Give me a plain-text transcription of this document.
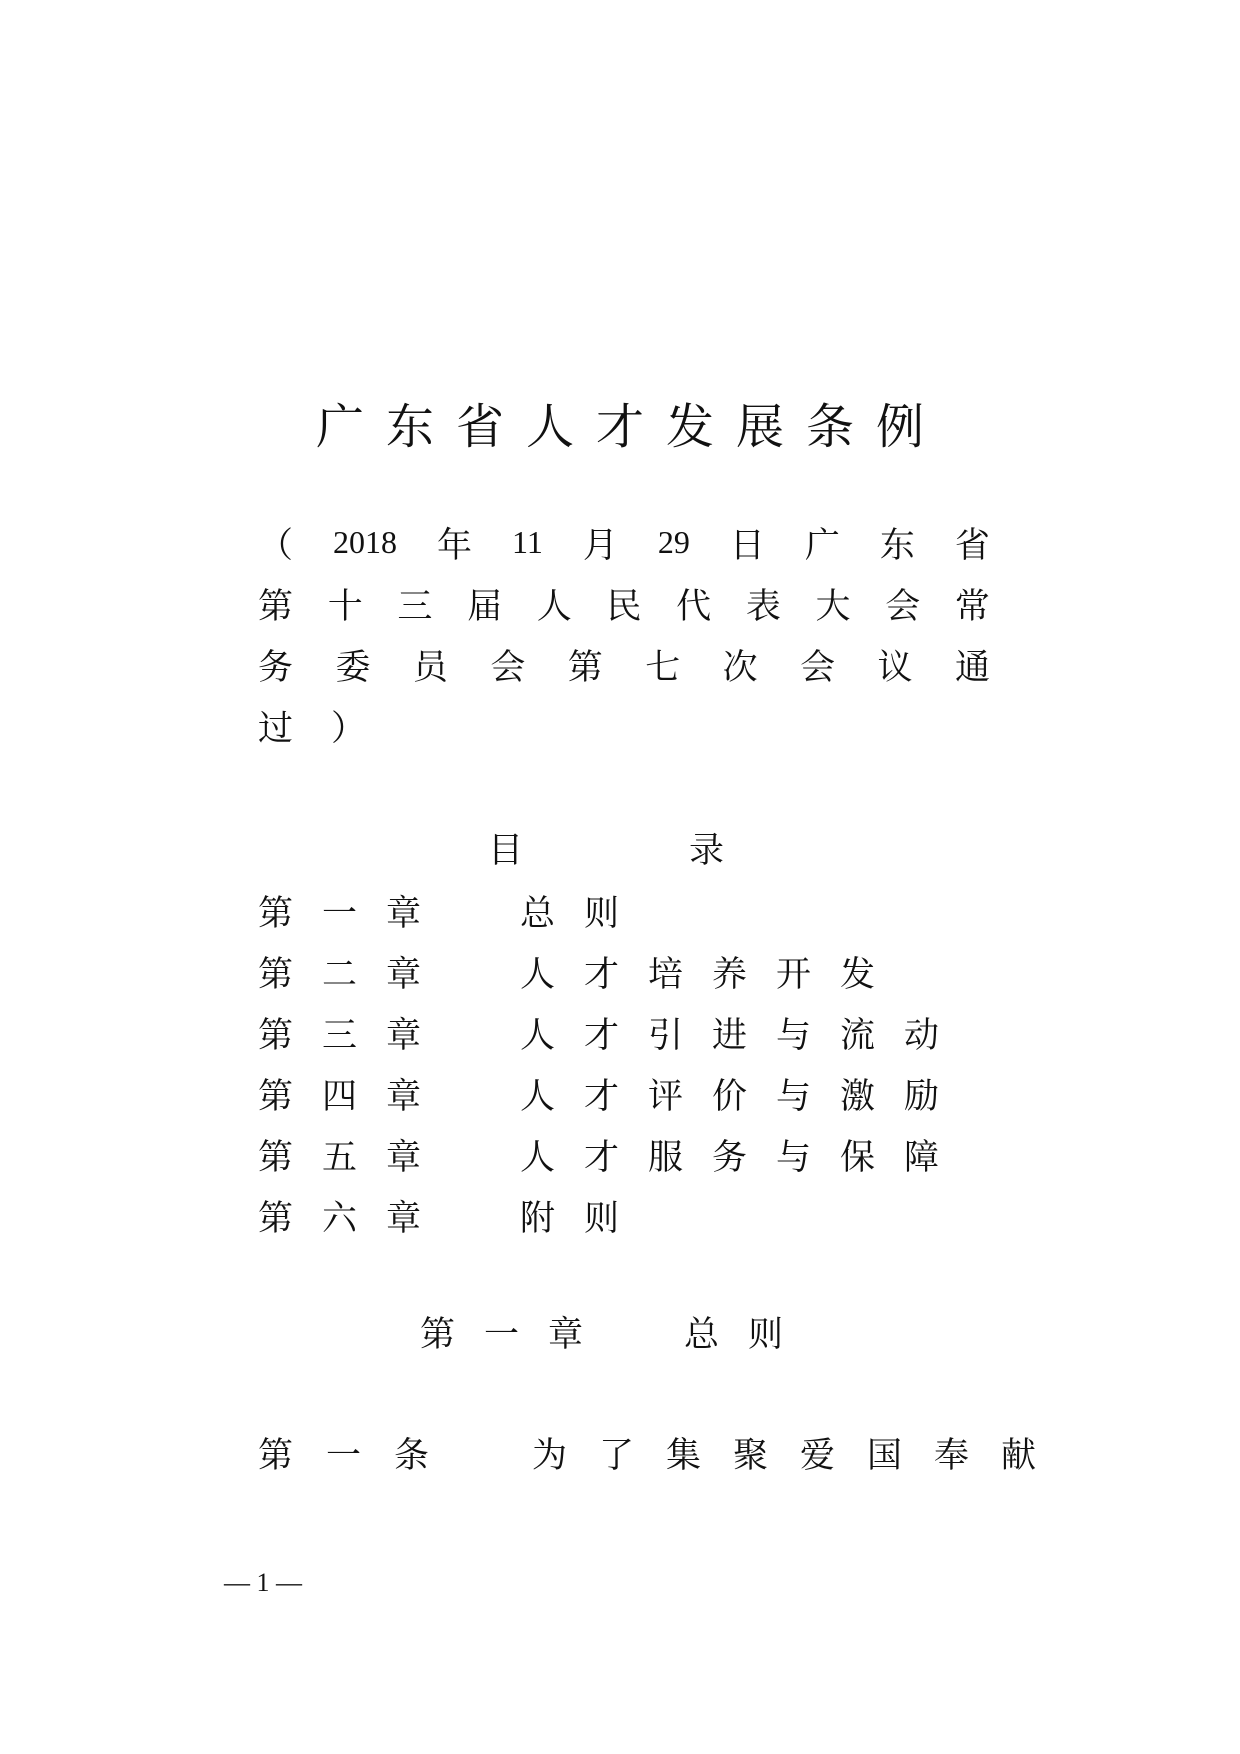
广东省人才发展条例
（ 2018 年 11 月 29 日 广 东 省
第 十 三 届 人 民 代 表 大 会 常
务 委 员 会 第 七 次 会 议 通
过 ）
目	录
第一章	总则
第二章	人才培养开发
第三章	人才引进与流动
第四章	人才评价与激励
第五章	人才服务与保障
第六章	附则
第一章 总则
第一条 为了集聚爱国奉献
— 1 —
